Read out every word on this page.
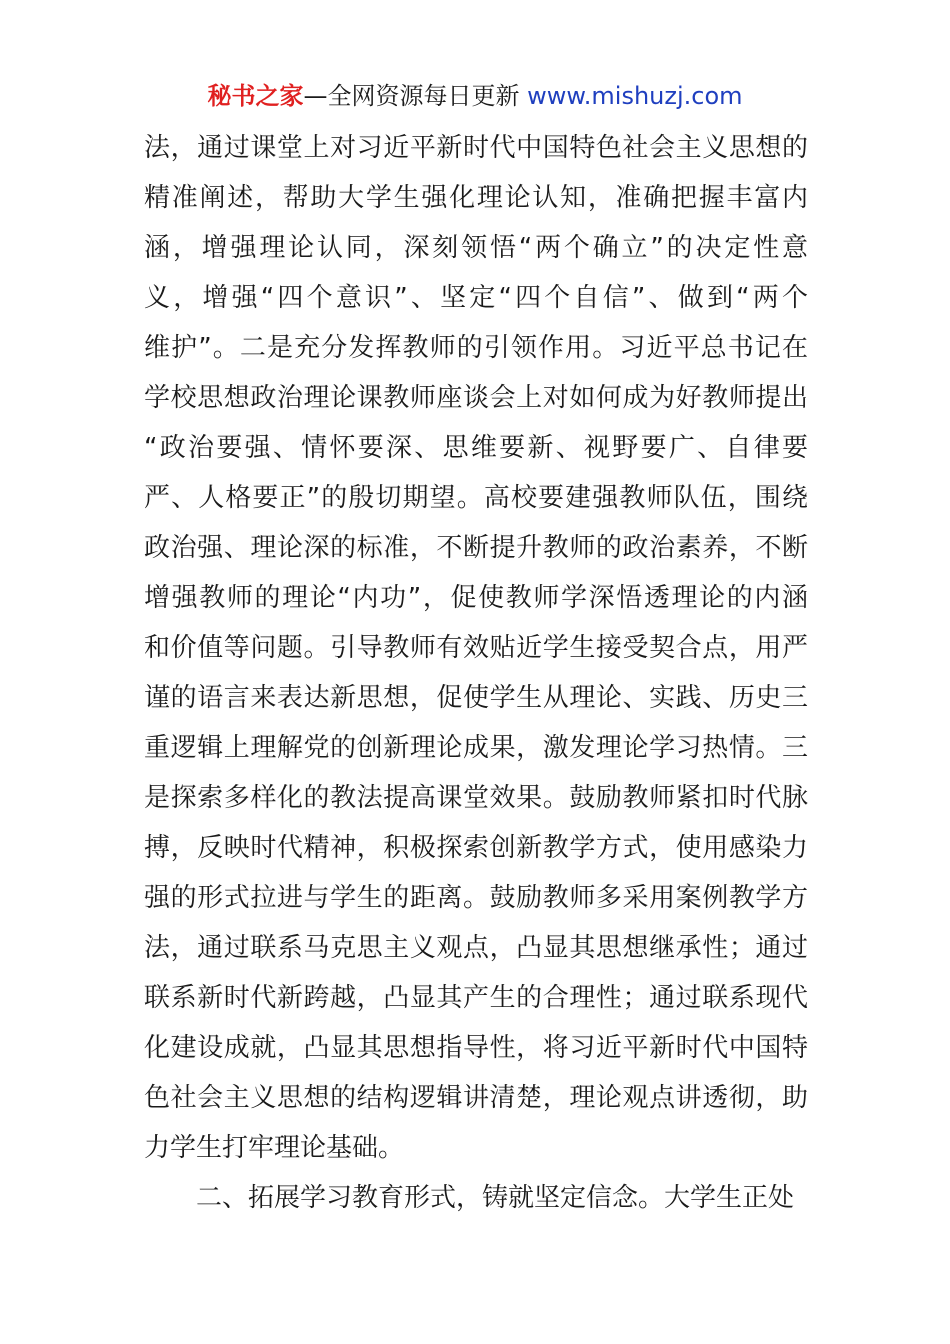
秘书之家—全网资源每日更新 www.mishuzj.com
法，通过课堂上对习近平新时代中国特色社会主义思想的
精准阐述，帮助大学生强化理论认知，准确把握丰富内
涵，增强理论认同，深刻领悟“两个确立”的决定性意
义，增强“四个意识”、坚定“四个自信”、做到“两个
维护”。二是充分发挥教师的引领作用。习近平总书记在
学校思想政治理论课教师座谈会上对如何成为好教师提出
“政治要强、情怀要深、思维要新、视野要广、自律要
严、人格要正”的殷切期望。高校要建强教师队伍，围绕
政治强、理论深的标准，不断提升教师的政治素养，不断
增强教师的理论“内功”，促使教师学深悟透理论的内涵
和价值等问题。引导教师有效贴近学生接受契合点，用严
谨的语言来表达新思想，促使学生从理论、实践、历史三
重逻辑上理解党的创新理论成果，激发理论学习热情。三
是探索多样化的教法提高课堂效果。鼓励教师紧扣时代脉
搏，反映时代精神，积极探索创新教学方式，使用感染力
强的形式拉进与学生的距离。鼓励教师多采用案例教学方
法，通过联系马克思主义观点，凸显其思想继承性；通过
联系新时代新跨越，凸显其产生的合理性；通过联系现代
化建设成就，凸显其思想指导性，将习近平新时代中国特
色社会主义思想的结构逻辑讲清楚，理论观点讲透彻，助
力学生打牢理论基础。
二、拓展学习教育形式，铸就坚定信念。大学生正处
